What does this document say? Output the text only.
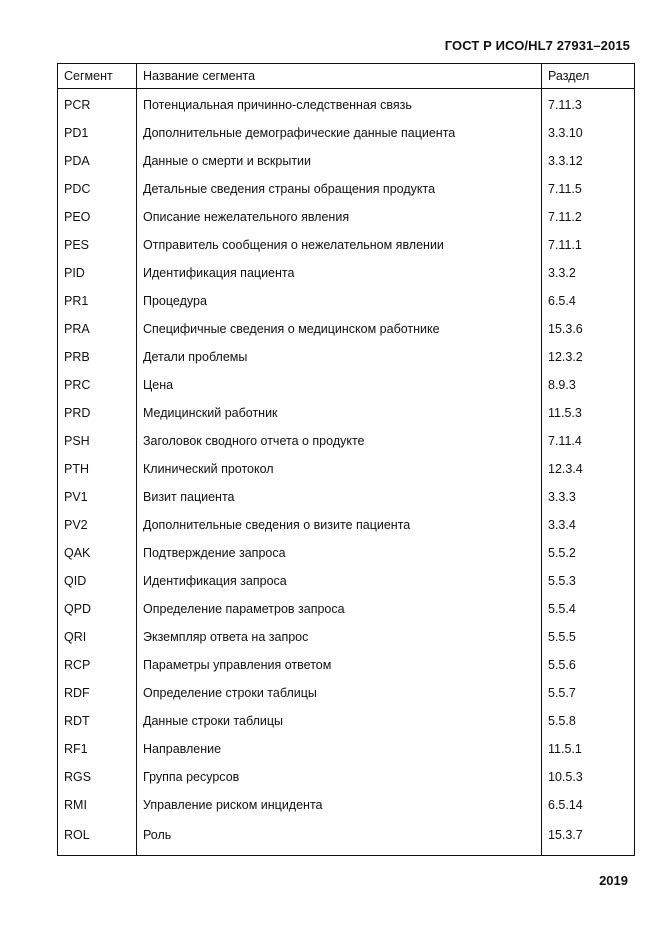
ГОСТ Р ИСО/HL7 27931–2015
Сегмент	Название сегмента	Раздел
PCR	Потенциальная причинно-следственная связь	7.11.3
PD1	Дополнительные демографические данные пациента	3.3.10
PDA	Данные о смерти и вскрытии	3.3.12
PDC	Детальные сведения страны обращения продукта	7.11.5
PEO	Описание нежелательного явления	7.11.2
PES	Отправитель сообщения о нежелательном явлении	7.11.1
PID	Идентификация пациента	3.3.2
PR1	Процедура	6.5.4
PRA	Специфичные сведения о медицинском работнике	15.3.6
PRB	Детали проблемы	12.3.2
PRC	Цена	8.9.3
PRD	Медицинский работник	11.5.3
PSH	Заголовок сводного отчета о продукте	7.11.4
PTH	Клинический протокол	12.3.4
PV1	Визит пациента	3.3.3
PV2	Дополнительные сведения о визите пациента	3.3.4
QAK	Подтверждение запроса	5.5.2
QID	Идентификация запроса	5.5.3
QPD	Определение параметров запроса	5.5.4
QRI	Экземпляр ответа на запрос	5.5.5
RCP	Параметры управления ответом	5.5.6
RDF	Определение строки таблицы	5.5.7
RDT	Данные строки таблицы	5.5.8
RF1	Направление	11.5.1
RGS	Группа ресурсов	10.5.3
RMI	Управление риском инцидента	6.5.14
ROL	Роль	15.3.7
2019
